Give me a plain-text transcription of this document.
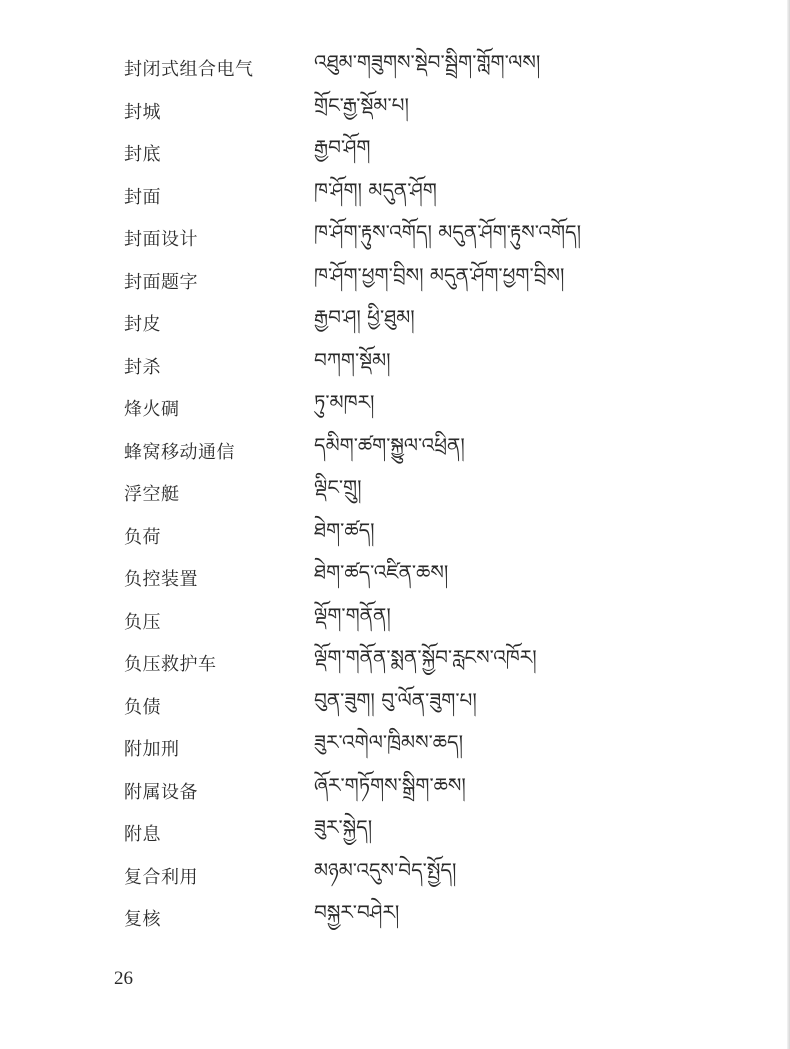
封闭式组合电气	འཐུམ་གཟུགས་སྡེབ་སྦྲིག་གློག་ལས།
封城	གྲོང་རྒྱ་སྡོམ་པ།
封底	རྒྱབ་ཤོག
封面	ཁ་ཤོག། མདུན་ཤོག
封面设计	ཁ་ཤོག་རྟུས་འགོད། མདུན་ཤོག་རྟུས་འགོད།
封面题字	ཁ་ཤོག་ཕྱག་བྲིས། མདུན་ཤོག་ཕྱག་བྲིས།
封皮	རྒྱབ་ཤ། ཕྱི་ཐུམ།
封杀	བཀག་སྡོམ།
烽火碉	ཏུ་མཁར།
蜂窝移动通信	དམིག་ཚག་སྐྱུལ་འཕྲིན།
浮空艇	ལྡིང་གྲུ།
负荷	ཐེག་ཚད།
负控装置	ཐེག་ཚད་འཛིན་ཆས།
负压	ལྡོག་གནོན།
负压救护车	ལྡོག་གནོན་སྨན་སྐྱོབ་རླངས་འཁོར།
负债	བུན་ཟུག། བུ་ལོན་ཟུག་པ།
附加刑	ཟུར་འགེལ་ཁྲིམས་ཆད།
附属设备	ཞོར་གཏོགས་སྒྲིག་ཆས།
附息	ཟུར་སྐྱེད།
复合利用	མཉམ་འདུས་བེད་སྤྱོད།
复核	བསྐྱར་བཤེར།
26
